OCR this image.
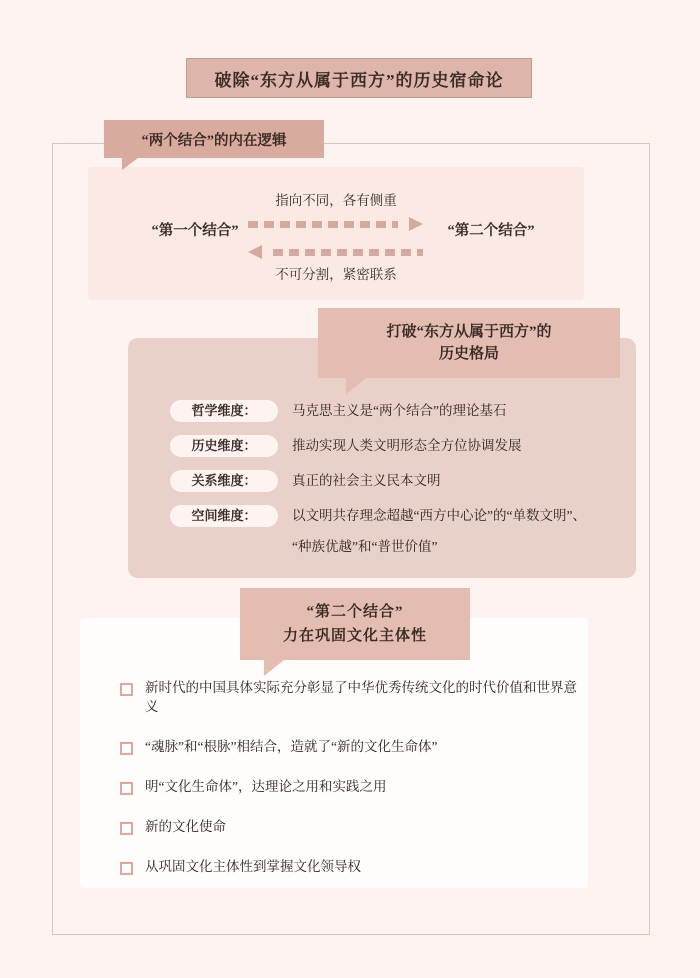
破除“东方从属于西方”的历史宿命论
“两个结合”的内在逻辑
指向不同，各有侧重
“第一个结合”	“第二个结合”
不可分割，紧密联系
打破“东方从属于西方”的
历史格局
哲学维度：	马克思主义是“两个结合”的理论基石
历史维度：	推动实现人类文明形态全方位协调发展
关系维度：	真正的社会主义民本文明
空间维度：	以文明共存理念超越“西方中心论”的“单数文明”、
“种族优越”和“普世价值”
“第二个结合”
力在巩固文化主体性
新时代的中国具体实际充分彰显了中华优秀传统文化的时代价值和世界意义
“魂脉”和“根脉”相结合，造就了“新的文化生命体”
明“文化生命体”，达理论之用和实践之用
新的文化使命
从巩固文化主体性到掌握文化领导权
